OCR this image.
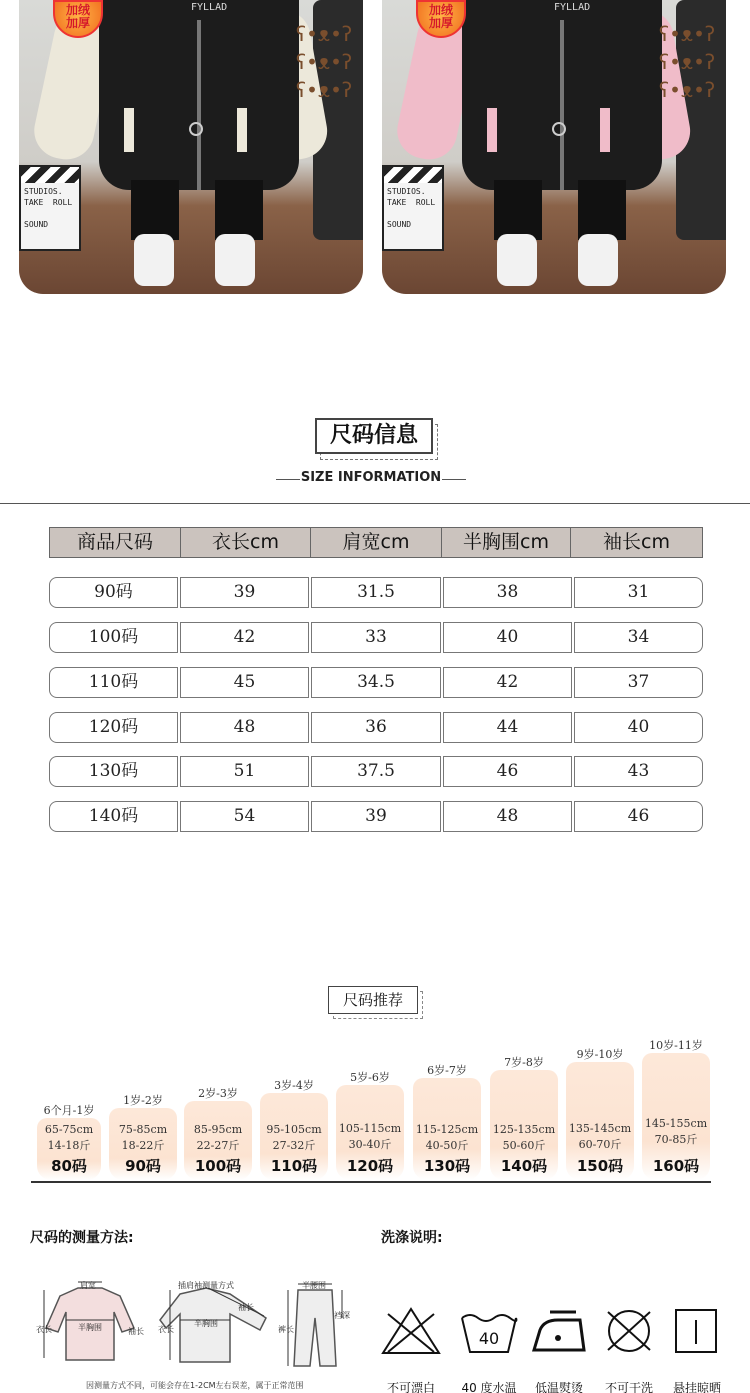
ʕ•ᴥ•ʔ
ʕ•ᴥ•ʔ
ʕ•ᴥ•ʔ
STUDIOS.
TAKE  ROLL

SOUND
加绒
加厚
FYLLAD
ʕ•ᴥ•ʔ
ʕ•ᴥ•ʔ
ʕ•ᴥ•ʔ
STUDIOS.
TAKE  ROLL

SOUND
加绒
加厚
FYLLAD
尺码信息
SIZE INFORMATION
商品尺码	衣长cm	肩宽cm	半胸围cm	袖长cm
90码	39	31.5	38	31
100码	42	33	40	34
110码	45	34.5	42	37
120码	48	36	44	40
130码	51	37.5	46	43
140码	54	39	48	46
尺码推荐
6个月-1岁
65-75cm
14-18斤
80码
1岁-2岁
75-85cm
18-22斤
90码
2岁-3岁
85-95cm
22-27斤
100码
3岁-4岁
95-105cm
27-32斤
110码
5岁-6岁
105-115cm
30-40斤
120码
6岁-7岁
115-125cm
40-50斤
130码
7岁-8岁
125-135cm
50-60斤
140码
9岁-10岁
135-145cm
60-70斤
150码
10岁-11岁
145-155cm
70-85斤
160码
尺码的测量方法:
肩宽
半胸围
衣长	袖长
插肩袖测量方式
半胸围
衣长
袖长
半腰围
裤长
裆深
因测量方式不同，可能会存在1-2CM左右误差，属于正常范围
洗涤说明:
40
不可漂白	40 度水温	低温熨烫	不可干洗	悬挂晾晒
